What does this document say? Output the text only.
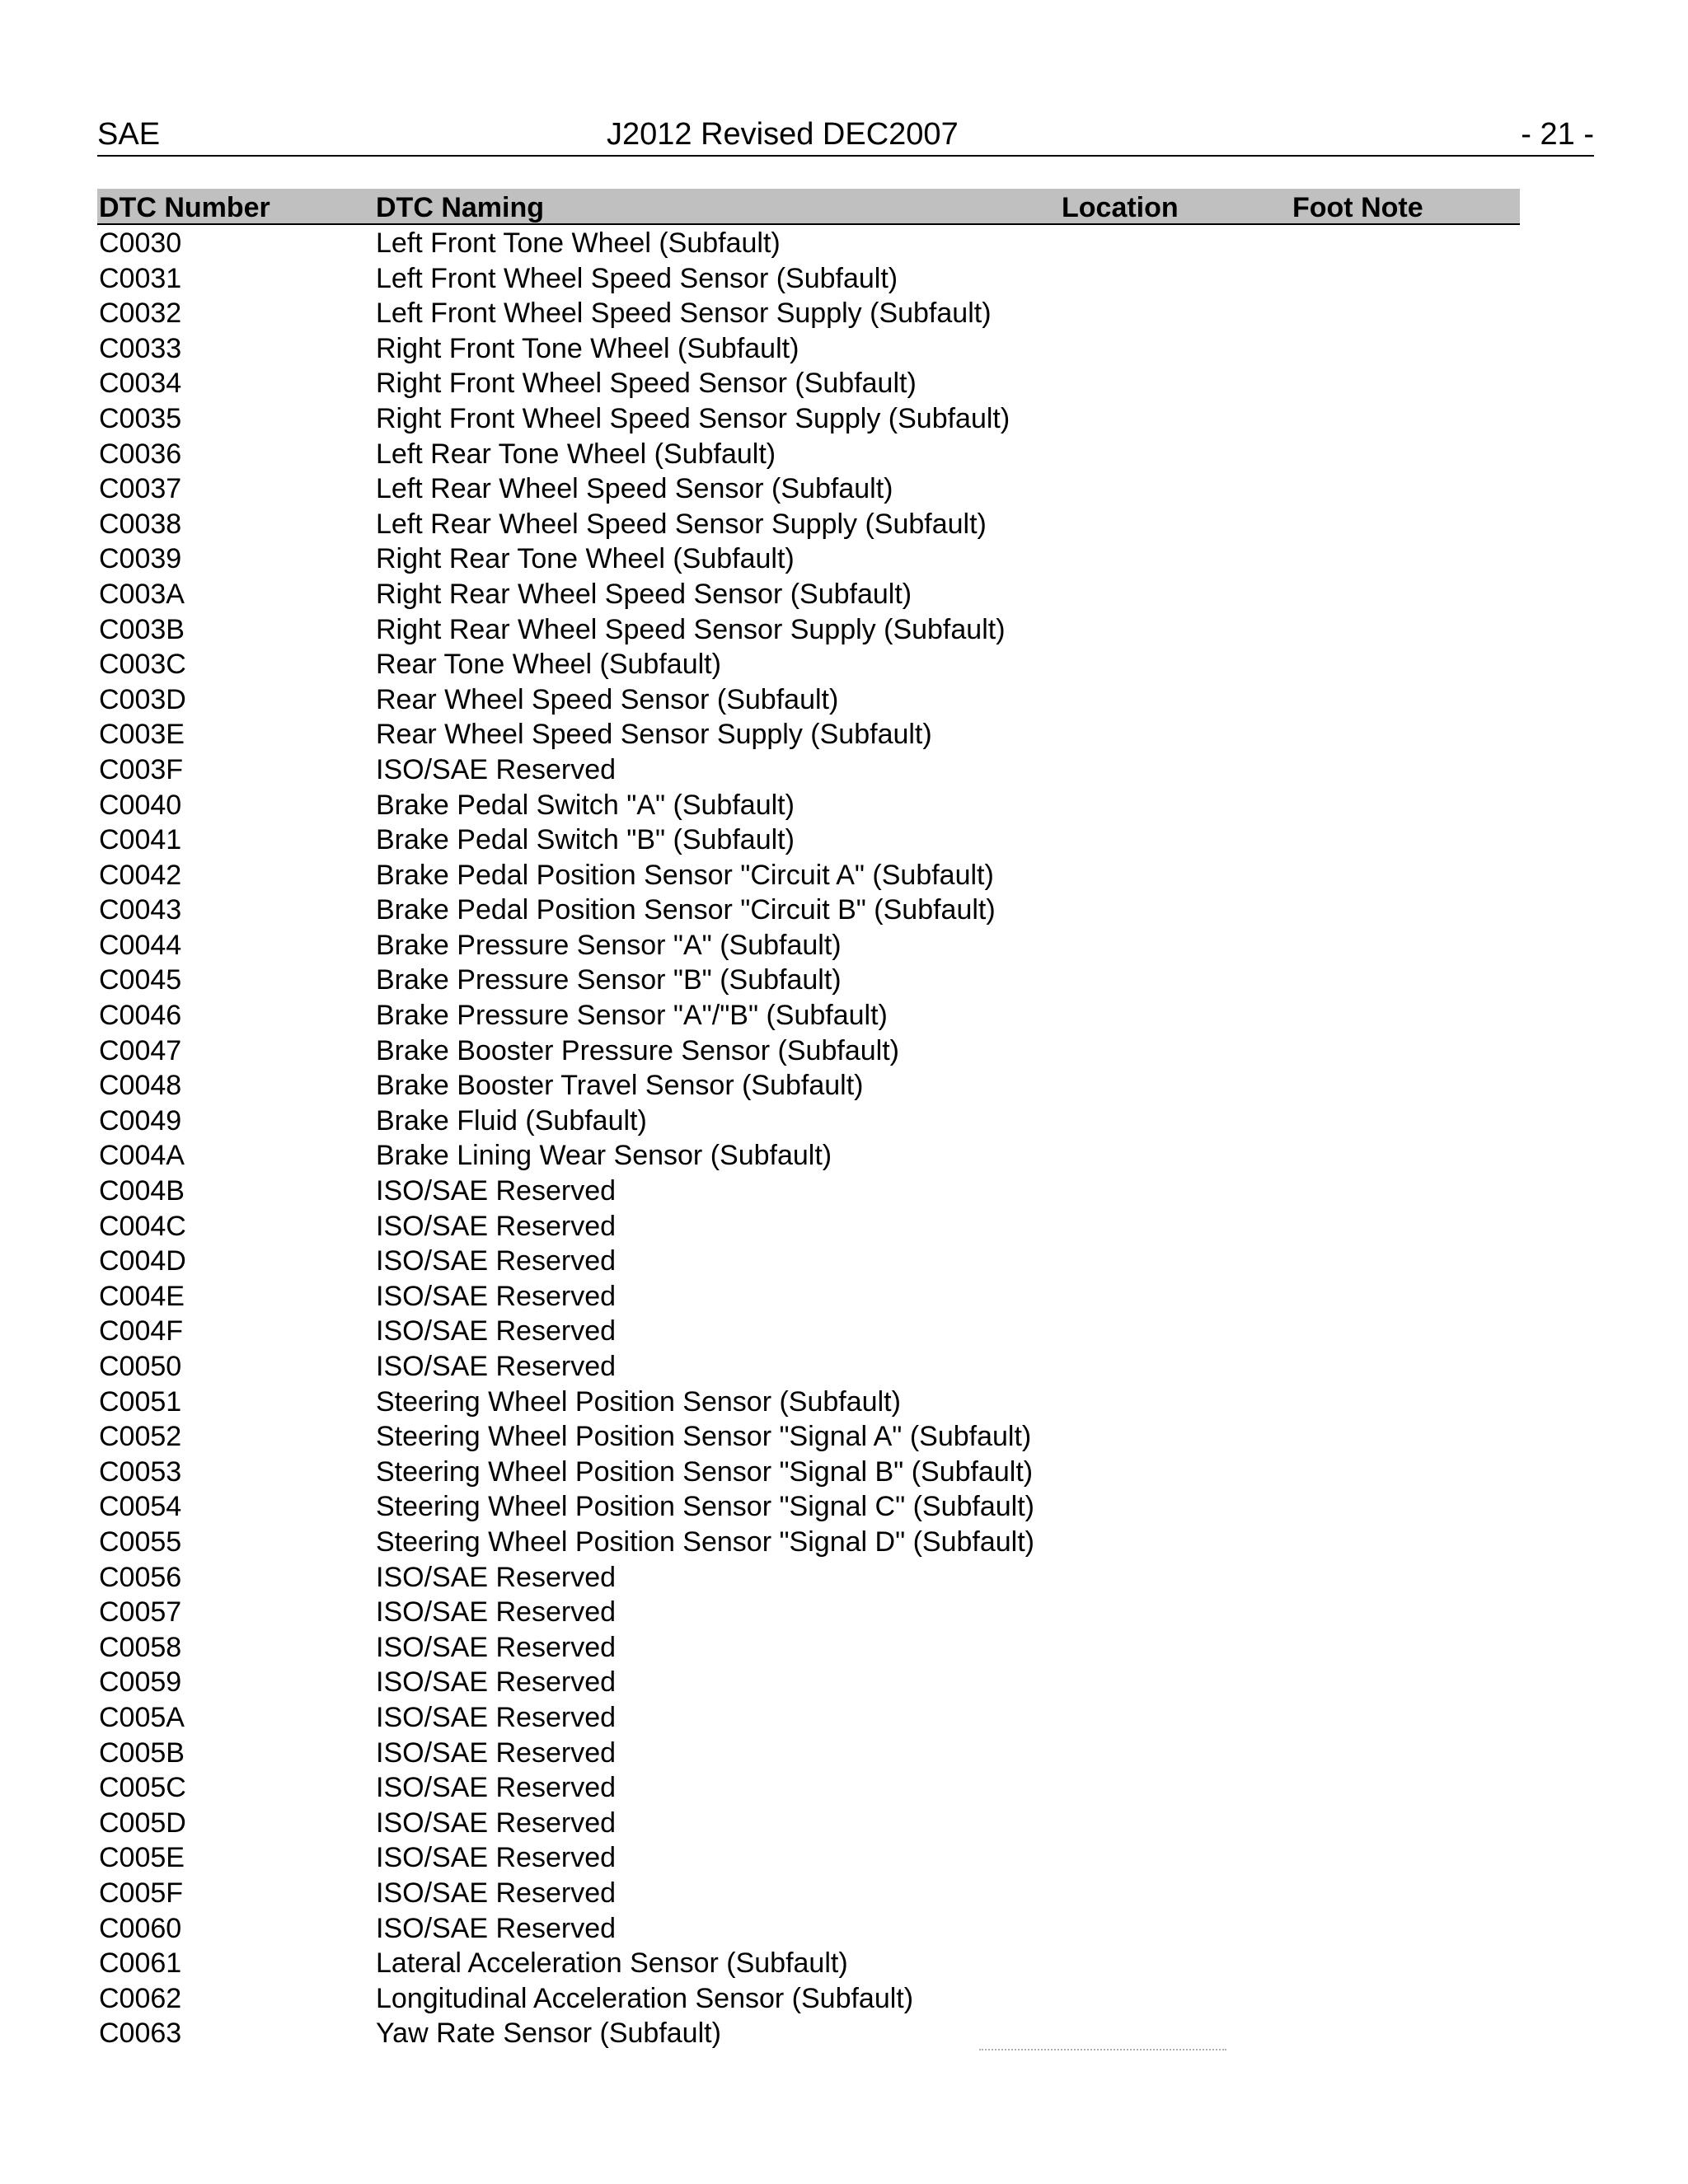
SAE	J2012 Revised DEC2007	- 21 -
DTC Number	DTC Naming	Location	Foot Note
C0030	Left Front Tone Wheel (Subfault)
C0031	Left Front Wheel Speed Sensor (Subfault)
C0032	Left Front Wheel Speed Sensor Supply (Subfault)
C0033	Right Front Tone Wheel (Subfault)
C0034	Right Front Wheel Speed Sensor (Subfault)
C0035	Right Front Wheel Speed Sensor Supply (Subfault)
C0036	Left Rear Tone Wheel (Subfault)
C0037	Left Rear Wheel Speed Sensor (Subfault)
C0038	Left Rear Wheel Speed Sensor Supply (Subfault)
C0039	Right Rear Tone Wheel (Subfault)
C003A	Right Rear Wheel Speed Sensor (Subfault)
C003B	Right Rear Wheel Speed Sensor Supply (Subfault)
C003C	Rear Tone Wheel (Subfault)
C003D	Rear Wheel Speed Sensor (Subfault)
C003E	Rear Wheel Speed Sensor Supply (Subfault)
C003F	ISO/SAE Reserved
C0040	Brake Pedal Switch "A" (Subfault)
C0041	Brake Pedal Switch "B" (Subfault)
C0042	Brake Pedal Position Sensor "Circuit A" (Subfault)
C0043	Brake Pedal Position Sensor "Circuit B" (Subfault)
C0044	Brake Pressure Sensor "A" (Subfault)
C0045	Brake Pressure Sensor "B" (Subfault)
C0046	Brake Pressure Sensor "A"/"B" (Subfault)
C0047	Brake Booster Pressure Sensor (Subfault)
C0048	Brake Booster Travel Sensor (Subfault)
C0049	Brake Fluid (Subfault)
C004A	Brake Lining Wear Sensor (Subfault)
C004B	ISO/SAE Reserved
C004C	ISO/SAE Reserved
C004D	ISO/SAE Reserved
C004E	ISO/SAE Reserved
C004F	ISO/SAE Reserved
C0050	ISO/SAE Reserved
C0051	Steering Wheel Position Sensor (Subfault)
C0052	Steering Wheel Position Sensor "Signal A" (Subfault)
C0053	Steering Wheel Position Sensor "Signal B" (Subfault)
C0054	Steering Wheel Position Sensor "Signal C" (Subfault)
C0055	Steering Wheel Position Sensor "Signal D" (Subfault)
C0056	ISO/SAE Reserved
C0057	ISO/SAE Reserved
C0058	ISO/SAE Reserved
C0059	ISO/SAE Reserved
C005A	ISO/SAE Reserved
C005B	ISO/SAE Reserved
C005C	ISO/SAE Reserved
C005D	ISO/SAE Reserved
C005E	ISO/SAE Reserved
C005F	ISO/SAE Reserved
C0060	ISO/SAE Reserved
C0061	Lateral Acceleration Sensor (Subfault)
C0062	Longitudinal Acceleration Sensor (Subfault)
C0063	Yaw Rate Sensor (Subfault)
